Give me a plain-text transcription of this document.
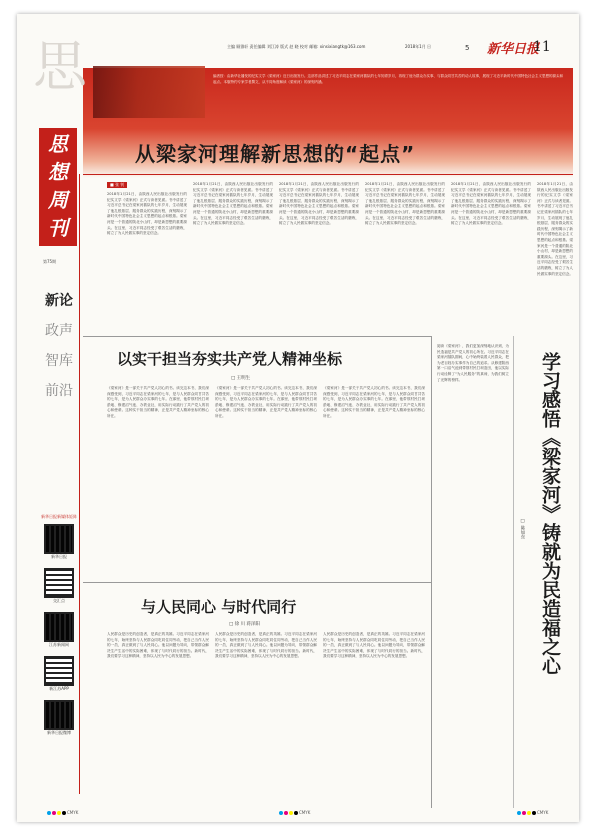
思	主编 顾雏轩 责任编辑 刘江涛 版式 赵 晓 校对 邮箱: xinsixiangtk@163.com	2018年1月 日	5 新华日报
11
编者按：由新华社播发的纪实文学《梁家河》近日出版发行。这部作品讲述了习近平同志在梁家河插队的七年知青岁月，再现了他为群众办实事、与群众同甘共苦的动人故事，展现了习近平新时代中国特色社会主义思想的源头和起点。本版特约专家学者撰文，从不同角度解读《梁家河》的深刻内涵。
从梁家河理解新思想的“起点”
思
想
周
刊
第75期
新论
政声
智库
前沿
新华日报新媒体矩阵
新华日报
交汇点
江苏新闻网
新江苏APP
新华日报微博
■ 张 钊
2018年1月21日，由陕西人民出版社出版发行的纪实文学《梁家河》正式与读者见面。书中讲述了习近平总书记在梁家河插队的七年岁月，生动展现了他扎根基层、服务群众的实践历程，深刻揭示了新时代中国特色社会主义思想的起点和根基。梁家河是一个普通的陕北小山村，却是新思想的重要源头。在这里，习近平同志经受了艰苦生活的磨炼，树立了为人民做实事的坚定信念。
2018年1月21日，由陕西人民出版社出版发行的纪实文学《梁家河》正式与读者见面。书中讲述了习近平总书记在梁家河插队的七年岁月，生动展现了他扎根基层、服务群众的实践历程，深刻揭示了新时代中国特色社会主义思想的起点和根基。梁家河是一个普通的陕北小山村，却是新思想的重要源头。在这里，习近平同志经受了艰苦生活的磨炼，树立了为人民做实事的坚定信念。
2018年1月21日，由陕西人民出版社出版发行的纪实文学《梁家河》正式与读者见面。书中讲述了习近平总书记在梁家河插队的七年岁月，生动展现了他扎根基层、服务群众的实践历程，深刻揭示了新时代中国特色社会主义思想的起点和根基。梁家河是一个普通的陕北小山村，却是新思想的重要源头。在这里，习近平同志经受了艰苦生活的磨炼，树立了为人民做实事的坚定信念。
2018年1月21日，由陕西人民出版社出版发行的纪实文学《梁家河》正式与读者见面。书中讲述了习近平总书记在梁家河插队的七年岁月，生动展现了他扎根基层、服务群众的实践历程，深刻揭示了新时代中国特色社会主义思想的起点和根基。梁家河是一个普通的陕北小山村，却是新思想的重要源头。在这里，习近平同志经受了艰苦生活的磨炼，树立了为人民做实事的坚定信念。
2018年1月21日，由陕西人民出版社出版发行的纪实文学《梁家河》正式与读者见面。书中讲述了习近平总书记在梁家河插队的七年岁月，生动展现了他扎根基层、服务群众的实践历程，深刻揭示了新时代中国特色社会主义思想的起点和根基。梁家河是一个普通的陕北小山村，却是新思想的重要源头。在这里，习近平同志经受了艰苦生活的磨炼，树立了为人民做实事的坚定信念。
2018年1月21日，由陕西人民出版社出版发行的纪实文学《梁家河》正式与读者见面。书中讲述了习近平总书记在梁家河插队的七年岁月，生动展现了他扎根基层、服务群众的实践历程，深刻揭示了新时代中国特色社会主义思想的起点和根基。梁家河是一个普通的陕北小山村，却是新思想的重要源头。在这里，习近平同志经受了艰苦生活的磨炼，树立了为人民做实事的坚定信念。
以实干担当夯实共产党人精神坐标
□ 王明生
《梁家河》是一部关于共产党人初心的书。读完这本书，我们深深感受到，习近平同志在梁家河的七年，是与人民群众同甘共苦的七年，是为人民群众办实事的七年。在那里，他带领村民打坝淤地、修建沼气池、办铁业社，用实际行动践行了共产党人的初心和使命。这种实干担当的精神，正是共产党人精神坐标的核心所在。
《梁家河》是一部关于共产党人初心的书。读完这本书，我们深深感受到，习近平同志在梁家河的七年，是与人民群众同甘共苦的七年，是为人民群众办实事的七年。在那里，他带领村民打坝淤地、修建沼气池、办铁业社，用实际行动践行了共产党人的初心和使命。这种实干担当的精神，正是共产党人精神坐标的核心所在。
《梁家河》是一部关于共产党人初心的书。读完这本书，我们深深感受到，习近平同志在梁家河的七年，是与人民群众同甘共苦的七年，是为人民群众办实事的七年。在那里，他带领村民打坝淤地、修建沼气池、办铁业社，用实际行动践行了共产党人的初心和使命。这种实干担当的精神，正是共产党人精神坐标的核心所在。
与人民同心 与时代同行
□ 徐 川 蒋泽阳
人民群众是历史的创造者，是真正的英雄。习近平同志在梁家河的七年，始终坚持与人民群众同吃同住同劳动，把自己当作人民的一员，真正做到了与人民同心。他以问题为导向，带领群众解决生产生活中的实际困难，体现了与时代同行的担当。新时代，我们要学习这种精神，坚持以人民为中心的发展思想。
人民群众是历史的创造者，是真正的英雄。习近平同志在梁家河的七年，始终坚持与人民群众同吃同住同劳动，把自己当作人民的一员，真正做到了与人民同心。他以问题为导向，带领群众解决生产生活中的实际困难，体现了与时代同行的担当。新时代，我们要学习这种精神，坚持以人民为中心的发展思想。
人民群众是历史的创造者，是真正的英雄。习近平同志在梁家河的七年，始终坚持与人民群众同吃同住同劳动，把自己当作人民的一员，真正做到了与人民同心。他以问题为导向，带领群众解决生产生活中的实际困难，体现了与时代同行的担当。新时代，我们要学习这种精神，坚持以人民为中心的发展思想。
阅读《梁家河》，我们更加深刻地认识到，为民造福是共产党人的初心所在。习近平同志在梁家河插队期间，心中始终装着人民群众，把为老百姓办实事作为自己的追求。从修建陕西第一口沼气池到带领村民打坝造田，他以实际行动诠释了“为人民服务”的真谛，为我们树立了光辉的榜样。	学习感悟《梁家河》铸就为民造福之心
□ 陈如东
CMYK	CMYK	CMYK
